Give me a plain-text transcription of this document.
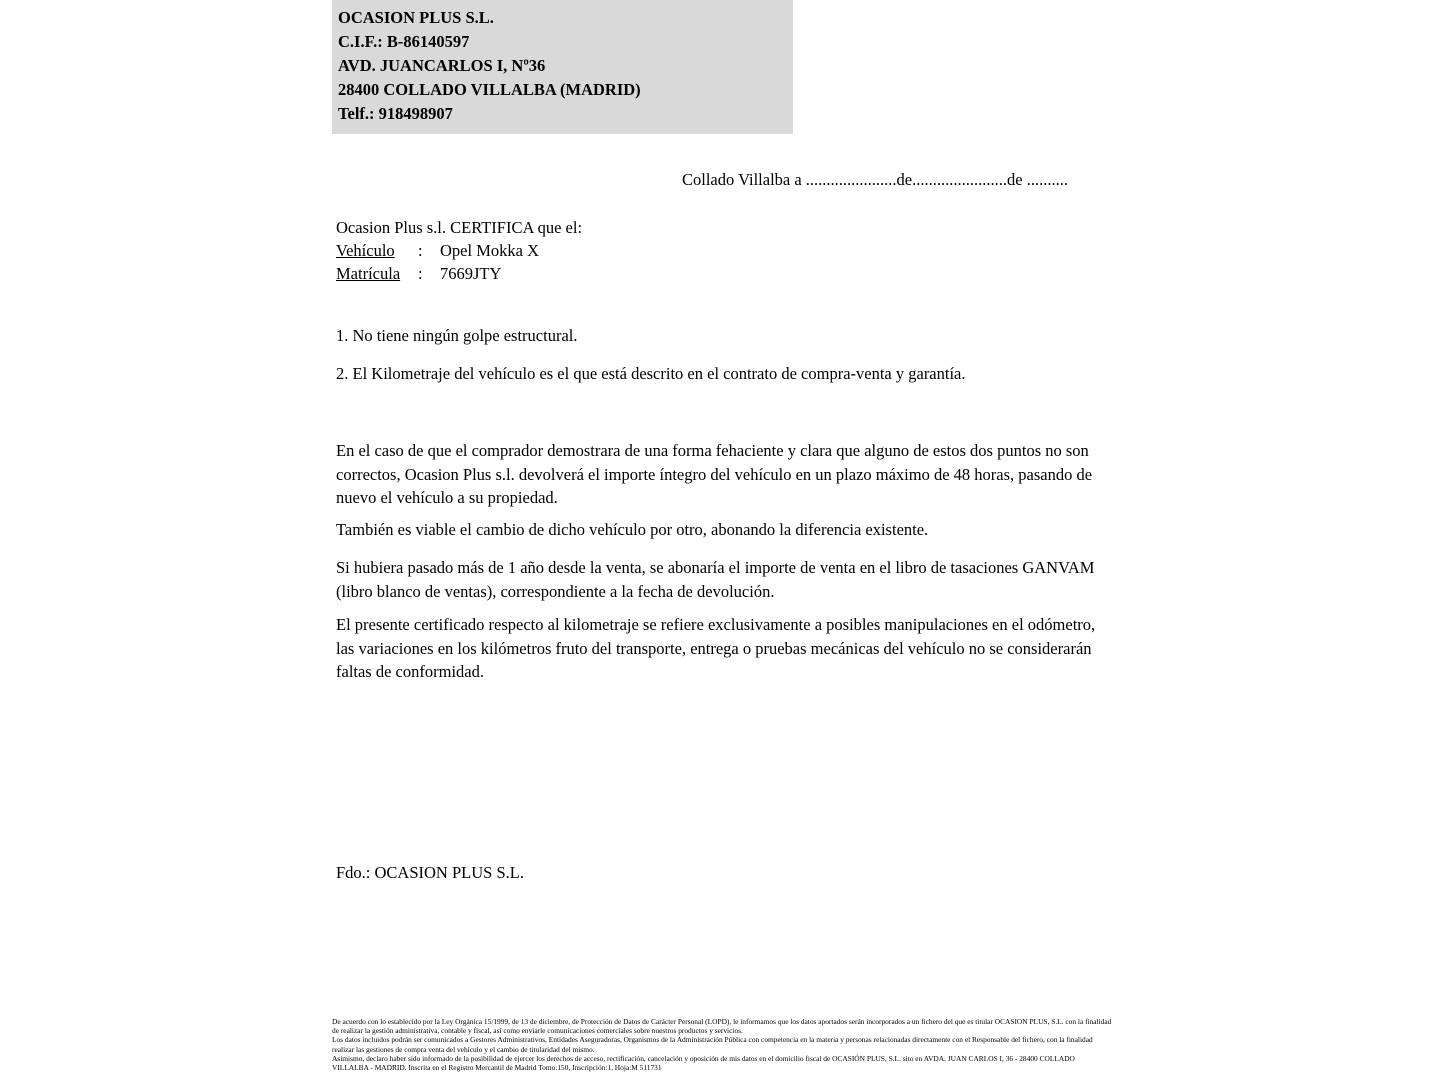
OCASION PLUS S.L.
C.I.F.: B-86140597
AVD. JUANCARLOS I, Nº36
28400 COLLADO VILLALBA (MADRID)
Telf.: 918498907
Collado Villalba a ......................de.......................de ..........
Ocasion Plus s.l. CERTIFICA que el:
Vehículo	:	Opel Mokka X
Matrícula	:	7669JTY
1. No tiene ningún golpe estructural.
2. El Kilometraje del vehículo es el que está descrito en el contrato de compra-venta y garantía.
En el caso de que el comprador demostrara de una forma fehaciente y clara que alguno de estos dos puntos no son correctos, Ocasion Plus s.l. devolverá el importe íntegro del vehículo en un plazo máximo de 48 horas, pasando de nuevo el vehículo a su propiedad.
También es viable el cambio de dicho vehículo por otro, abonando la diferencia existente.
Si hubiera pasado más de 1 año desde la venta, se abonaría el importe de venta en el libro de tasaciones GANVAM (libro blanco de ventas), correspondiente a la fecha de devolución.
El presente certificado respecto al kilometraje se refiere exclusivamente a posibles manipulaciones en el odómetro, las variaciones en los kilómetros fruto del transporte, entrega o pruebas mecánicas del vehículo no se considerarán faltas de conformidad.
Fdo.: OCASION PLUS S.L.

De acuerdo con lo establecido por la Ley Orgánica 15/1999, de 13 de diciembre, de Protección de Datos de Carácter Personal (LOPD), le informamos que los datos aportados serán incorporados a un fichero del que es titular OCASION PLUS, S.L. con la finalidad de realizar la gestión administrativa, contable y fiscal, así como enviarle comunicaciones comerciales sobre nuestros productos y servicios.

Los datos incluidos podrán ser comunicados a Gestores Administrativos, Entidades Aseguradoras, Organismos de la Administración Pública con competencia en la materia y personas relacionadas directamente con el Responsable del fichero, con la finalidad realizar las gestiones de compra venta del vehículo y el cambio de titularidad del mismo.

Asimismo, declaro haber sido informado de la posibilidad de ejercer los derechos de acceso, rectificación, cancelación y oposición de mis datos en el domicilio fiscal de OCASIÓN PLUS, S.L. sito en AVDA. JUAN CARLOS I, 36 - 28400 COLLADO VILLALBA - MADRID. Inscrita en el Registro Mercantil de Madrid Tomo:150, Inscripción:1, Hoja:M 511731
